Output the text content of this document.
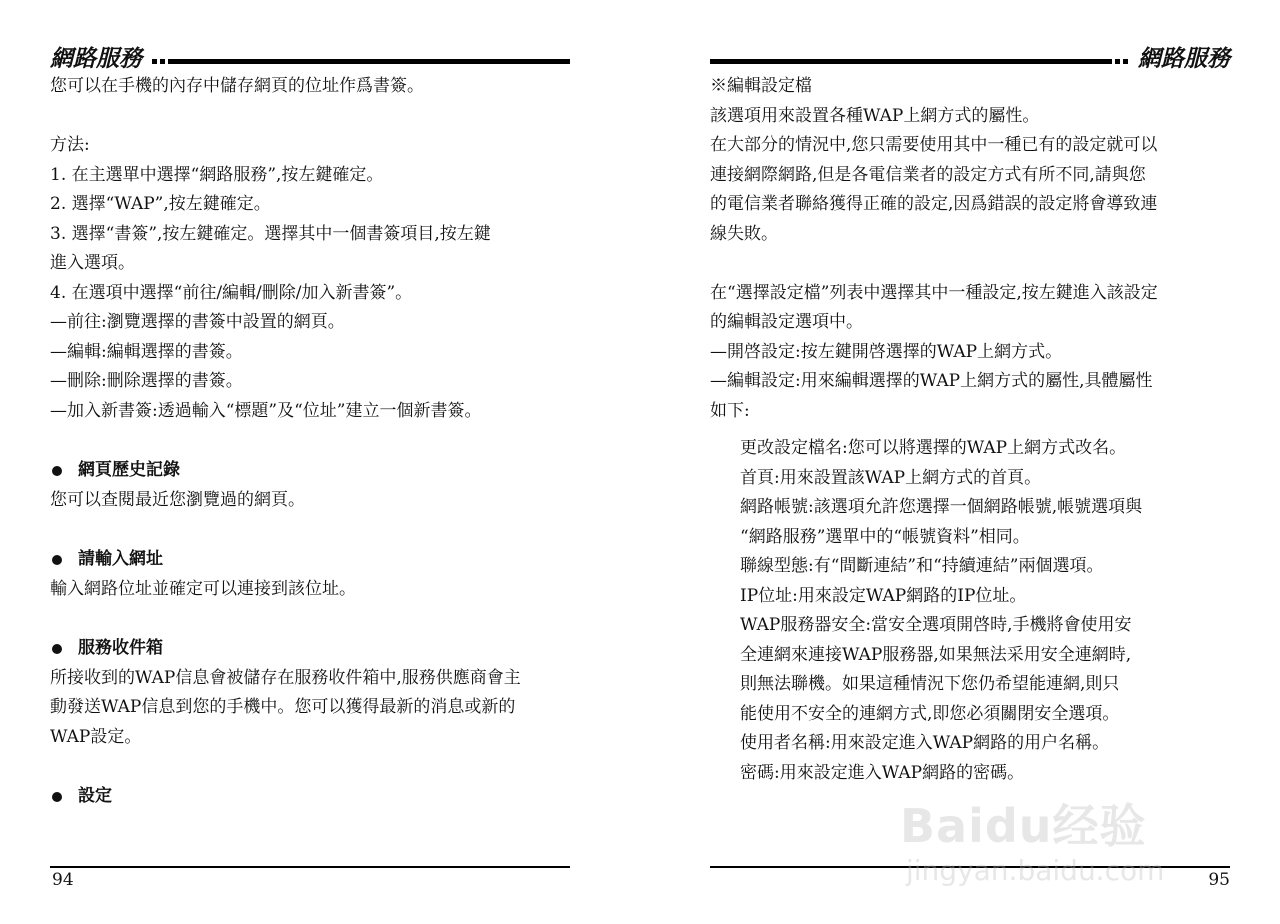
網路服務
您可以在手機的內存中儲存網頁的位址作爲書簽。
方法:
1. 在主選單中選擇“網路服務”,按左鍵確定。
2. 選擇“WAP”,按左鍵確定。
3. 選擇“書簽”,按左鍵確定。選擇其中一個書簽項目,按左鍵
進入選項。
4. 在選項中選擇“前往/編輯/刪除/加入新書簽”。
—前往:瀏覽選擇的書簽中設置的網頁。
—編輯:編輯選擇的書簽。
—刪除:刪除選擇的書簽。
—加入新書簽:透過輸入“標題”及“位址”建立一個新書簽。
網頁歷史記錄
您可以查閱最近您瀏覽過的網頁。
請輸入網址
輸入網路位址並確定可以連接到該位址。
服務收件箱
所接收到的WAP信息會被儲存在服務收件箱中,服務供應商會主
動發送WAP信息到您的手機中。您可以獲得最新的消息或新的
WAP設定。
設定
94
網路服務
※編輯設定檔
該選項用來設置各種WAP上網方式的屬性。
在大部分的情況中,您只需要使用其中一種已有的設定就可以
連接網際網路,但是各電信業者的設定方式有所不同,請與您
的電信業者聯絡獲得正確的設定,因爲錯誤的設定將會導致連
線失敗。
在“選擇設定檔”列表中選擇其中一種設定,按左鍵進入該設定
的編輯設定選項中。
—開啓設定:按左鍵開啓選擇的WAP上網方式。
—編輯設定:用來編輯選擇的WAP上網方式的屬性,具體屬性
如下:
更改設定檔名:您可以將選擇的WAP上網方式改名。
首頁:用來設置該WAP上網方式的首頁。
網路帳號:該選項允許您選擇一個網路帳號,帳號選項與
“網路服務”選單中的“帳號資料”相同。
聯線型態:有“間斷連結”和“持續連結”兩個選項。
IP位址:用來設定WAP網路的IP位址。
WAP服務器安全:當安全選項開啓時,手機將會使用安
全連網來連接WAP服務器,如果無法采用安全連網時,
則無法聯機。如果這種情況下您仍希望能連網,則只
能使用不安全的連網方式,即您必須關閉安全選項。
使用者名稱:用來設定進入WAP網路的用户名稱。
密碼:用來設定進入WAP網路的密碼。
95
Baidu经验
jingyan.baidu.com
